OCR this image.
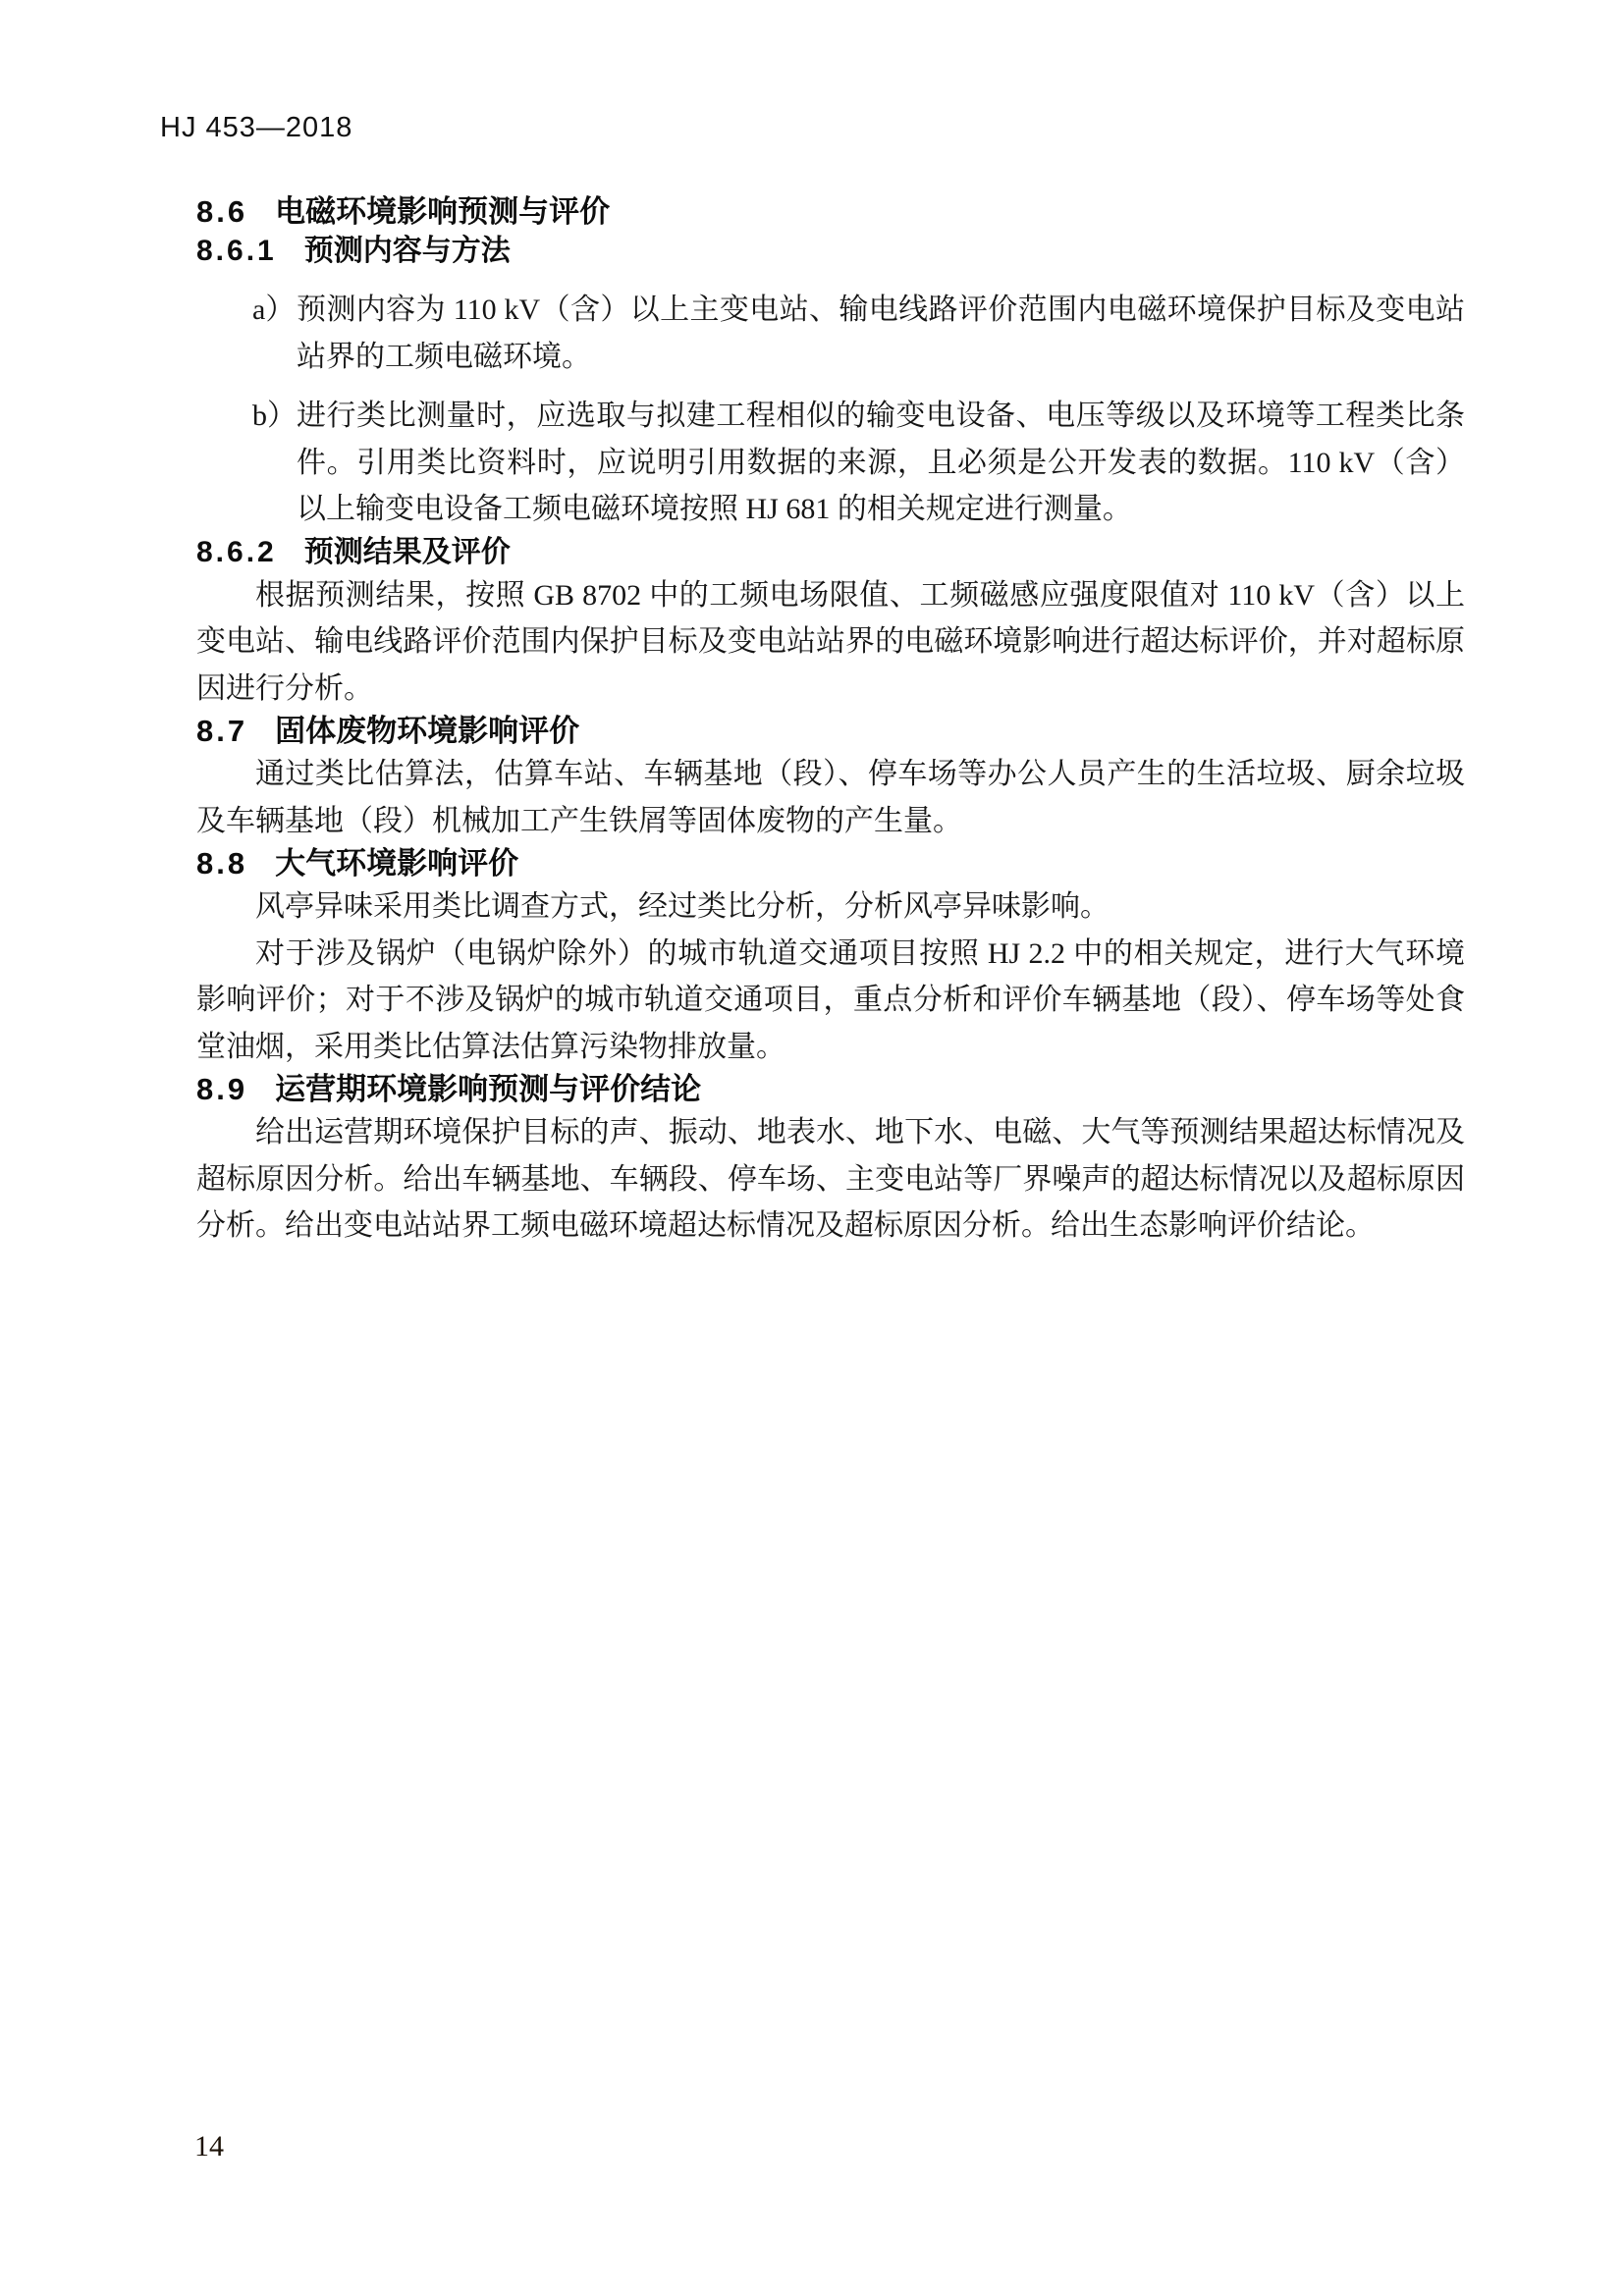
HJ 453—2018
8.6 电磁环境影响预测与评价
8.6.1 预测内容与方法
a） 预测内容为 110 kV（含）以上主变电站、输电线路评价范围内电磁环境保护目标及变电站站界的工频电磁环境。
b） 进行类比测量时，应选取与拟建工程相似的输变电设备、电压等级以及环境等工程类比条件。引用类比资料时，应说明引用数据的来源，且必须是公开发表的数据。110 kV（含）以上输变电设备工频电磁环境按照 HJ 681 的相关规定进行测量。
8.6.2 预测结果及评价

根据预测结果，按照 GB 8702 中的工频电场限值、工频磁感应强度限值对 110 kV（含）以上变电站、输电线路评价范围内保护目标及变电站站界的电磁环境影响进行超达标评价，并对超标原因进行分析。

8.7 固体废物环境影响评价

通过类比估算法，估算车站、车辆基地（段）、停车场等办公人员产生的生活垃圾、厨余垃圾及车辆基地（段）机械加工产生铁屑等固体废物的产生量。

8.8 大气环境影响评价

风亭异味采用类比调查方式，经过类比分析，分析风亭异味影响。

对于涉及锅炉（电锅炉除外）的城市轨道交通项目按照 HJ 2.2 中的相关规定，进行大气环境影响评价；对于不涉及锅炉的城市轨道交通项目，重点分析和评价车辆基地（段）、停车场等处食堂油烟，采用类比估算法估算污染物排放量。

8.9 运营期环境影响预测与评价结论

给出运营期环境保护目标的声、振动、地表水、地下水、电磁、大气等预测结果超达标情况及超标原因分析。给出车辆基地、车辆段、停车场、主变电站等厂界噪声的超达标情况以及超标原因分析。给出变电站站界工频电磁环境超达标情况及超标原因分析。给出生态影响评价结论。

14
